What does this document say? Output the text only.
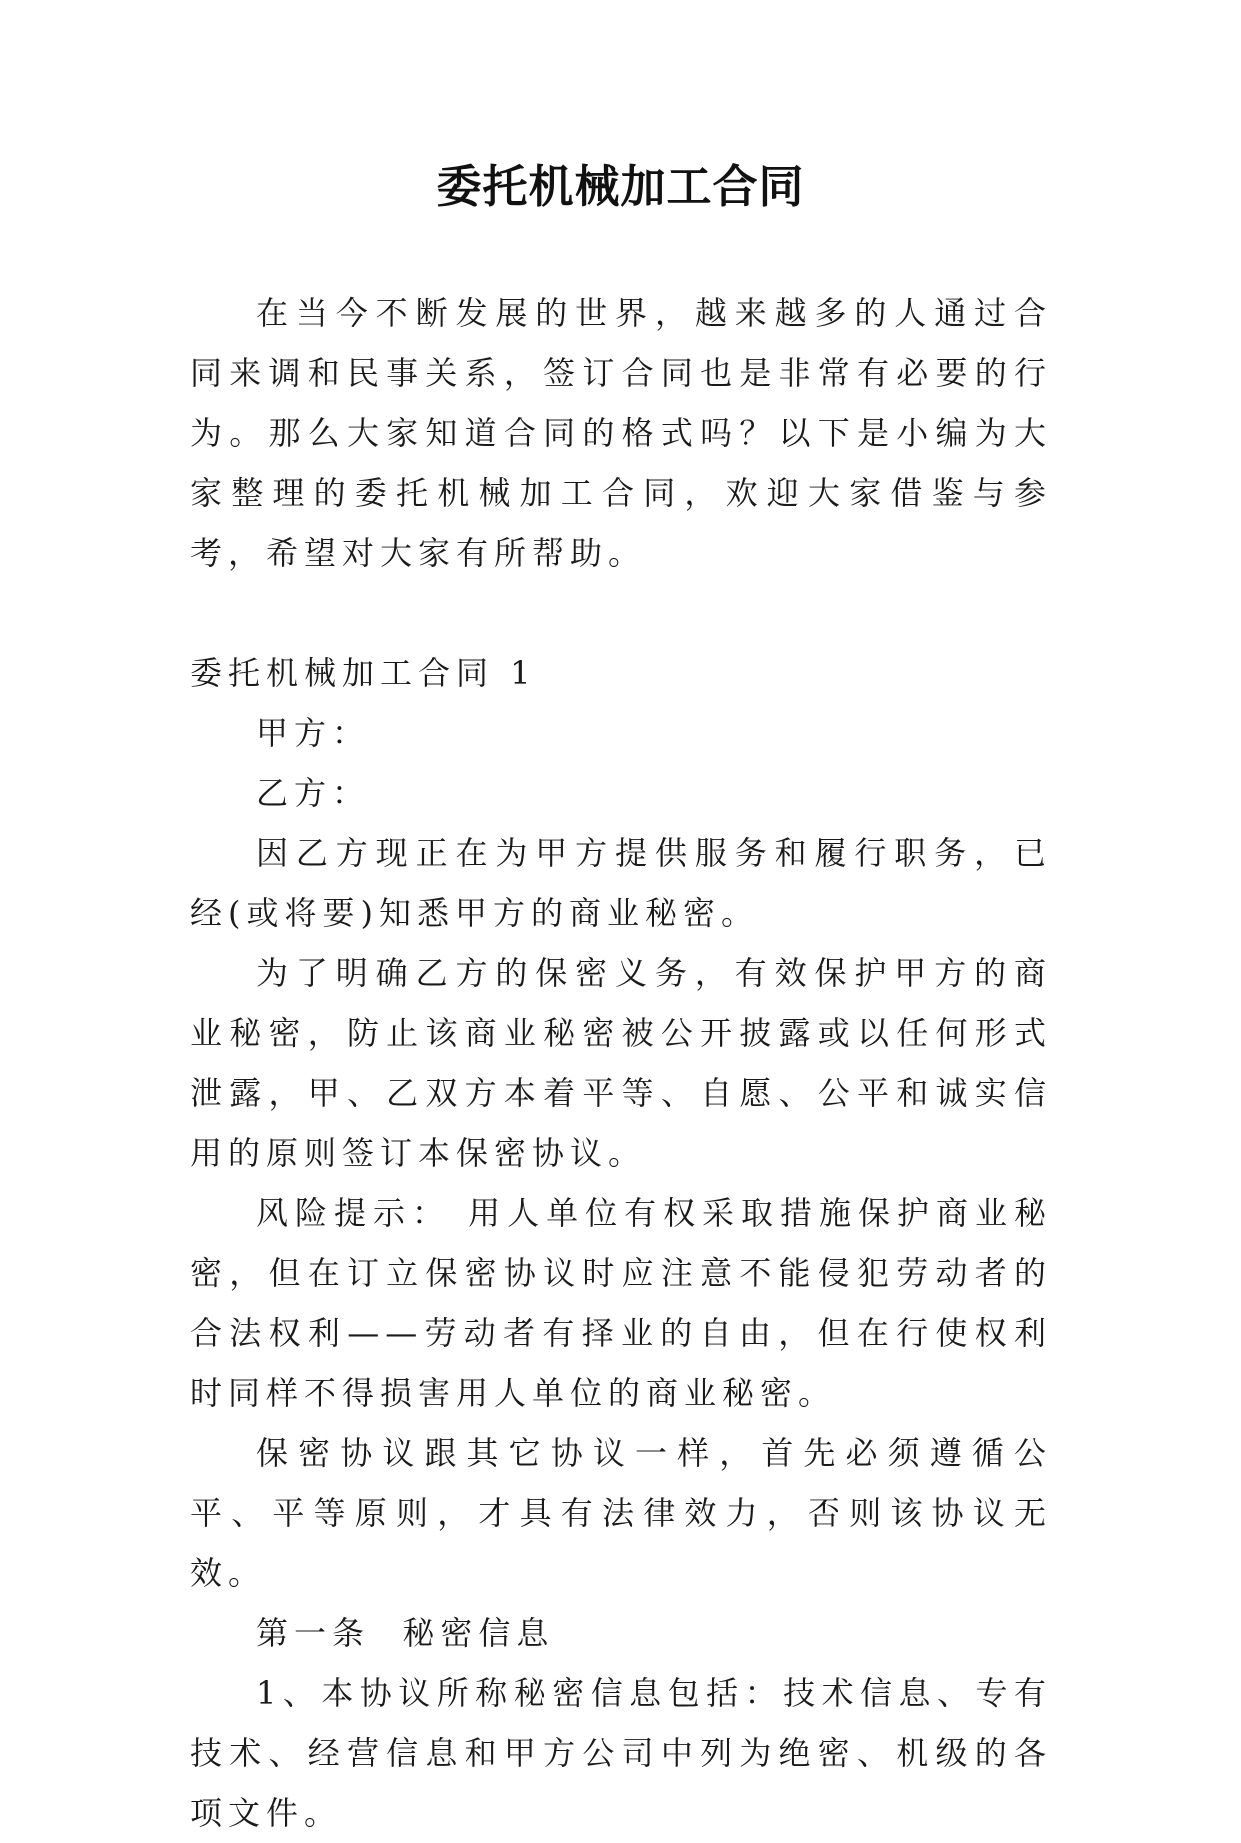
委托机械加工合同

在当今不断发展的世界，越来越多的人通过合同来调和民事关系，签订合同也是非常有必要的行为。那么大家知道合同的格式吗？以下是小编为大家整理的委托机械加工合同，欢迎大家借鉴与参考，希望对大家有所帮助。

委托机械加工合同 1

甲方：

乙方：

因乙方现正在为甲方提供服务和履行职务，已经(或将要)知悉甲方的商业秘密。

为了明确乙方的保密义务，有效保护甲方的商业秘密，防止该商业秘密被公开披露或以任何形式泄露，甲、乙双方本着平等、自愿、公平和诚实信用的原则签订本保密协议。

风险提示： 用人单位有权采取措施保护商业秘密，但在订立保密协议时应注意不能侵犯劳动者的合法权利——劳动者有择业的自由，但在行使权利时同样不得损害用人单位的商业秘密。

保密协议跟其它协议一样，首先必须遵循公平、平等原则，才具有法律效力，否则该协议无效。

第一条  秘密信息

1、本协议所称秘密信息包括：技术信息、专有技术、经营信息和甲方公司中列为绝密、机级的各项文件。
